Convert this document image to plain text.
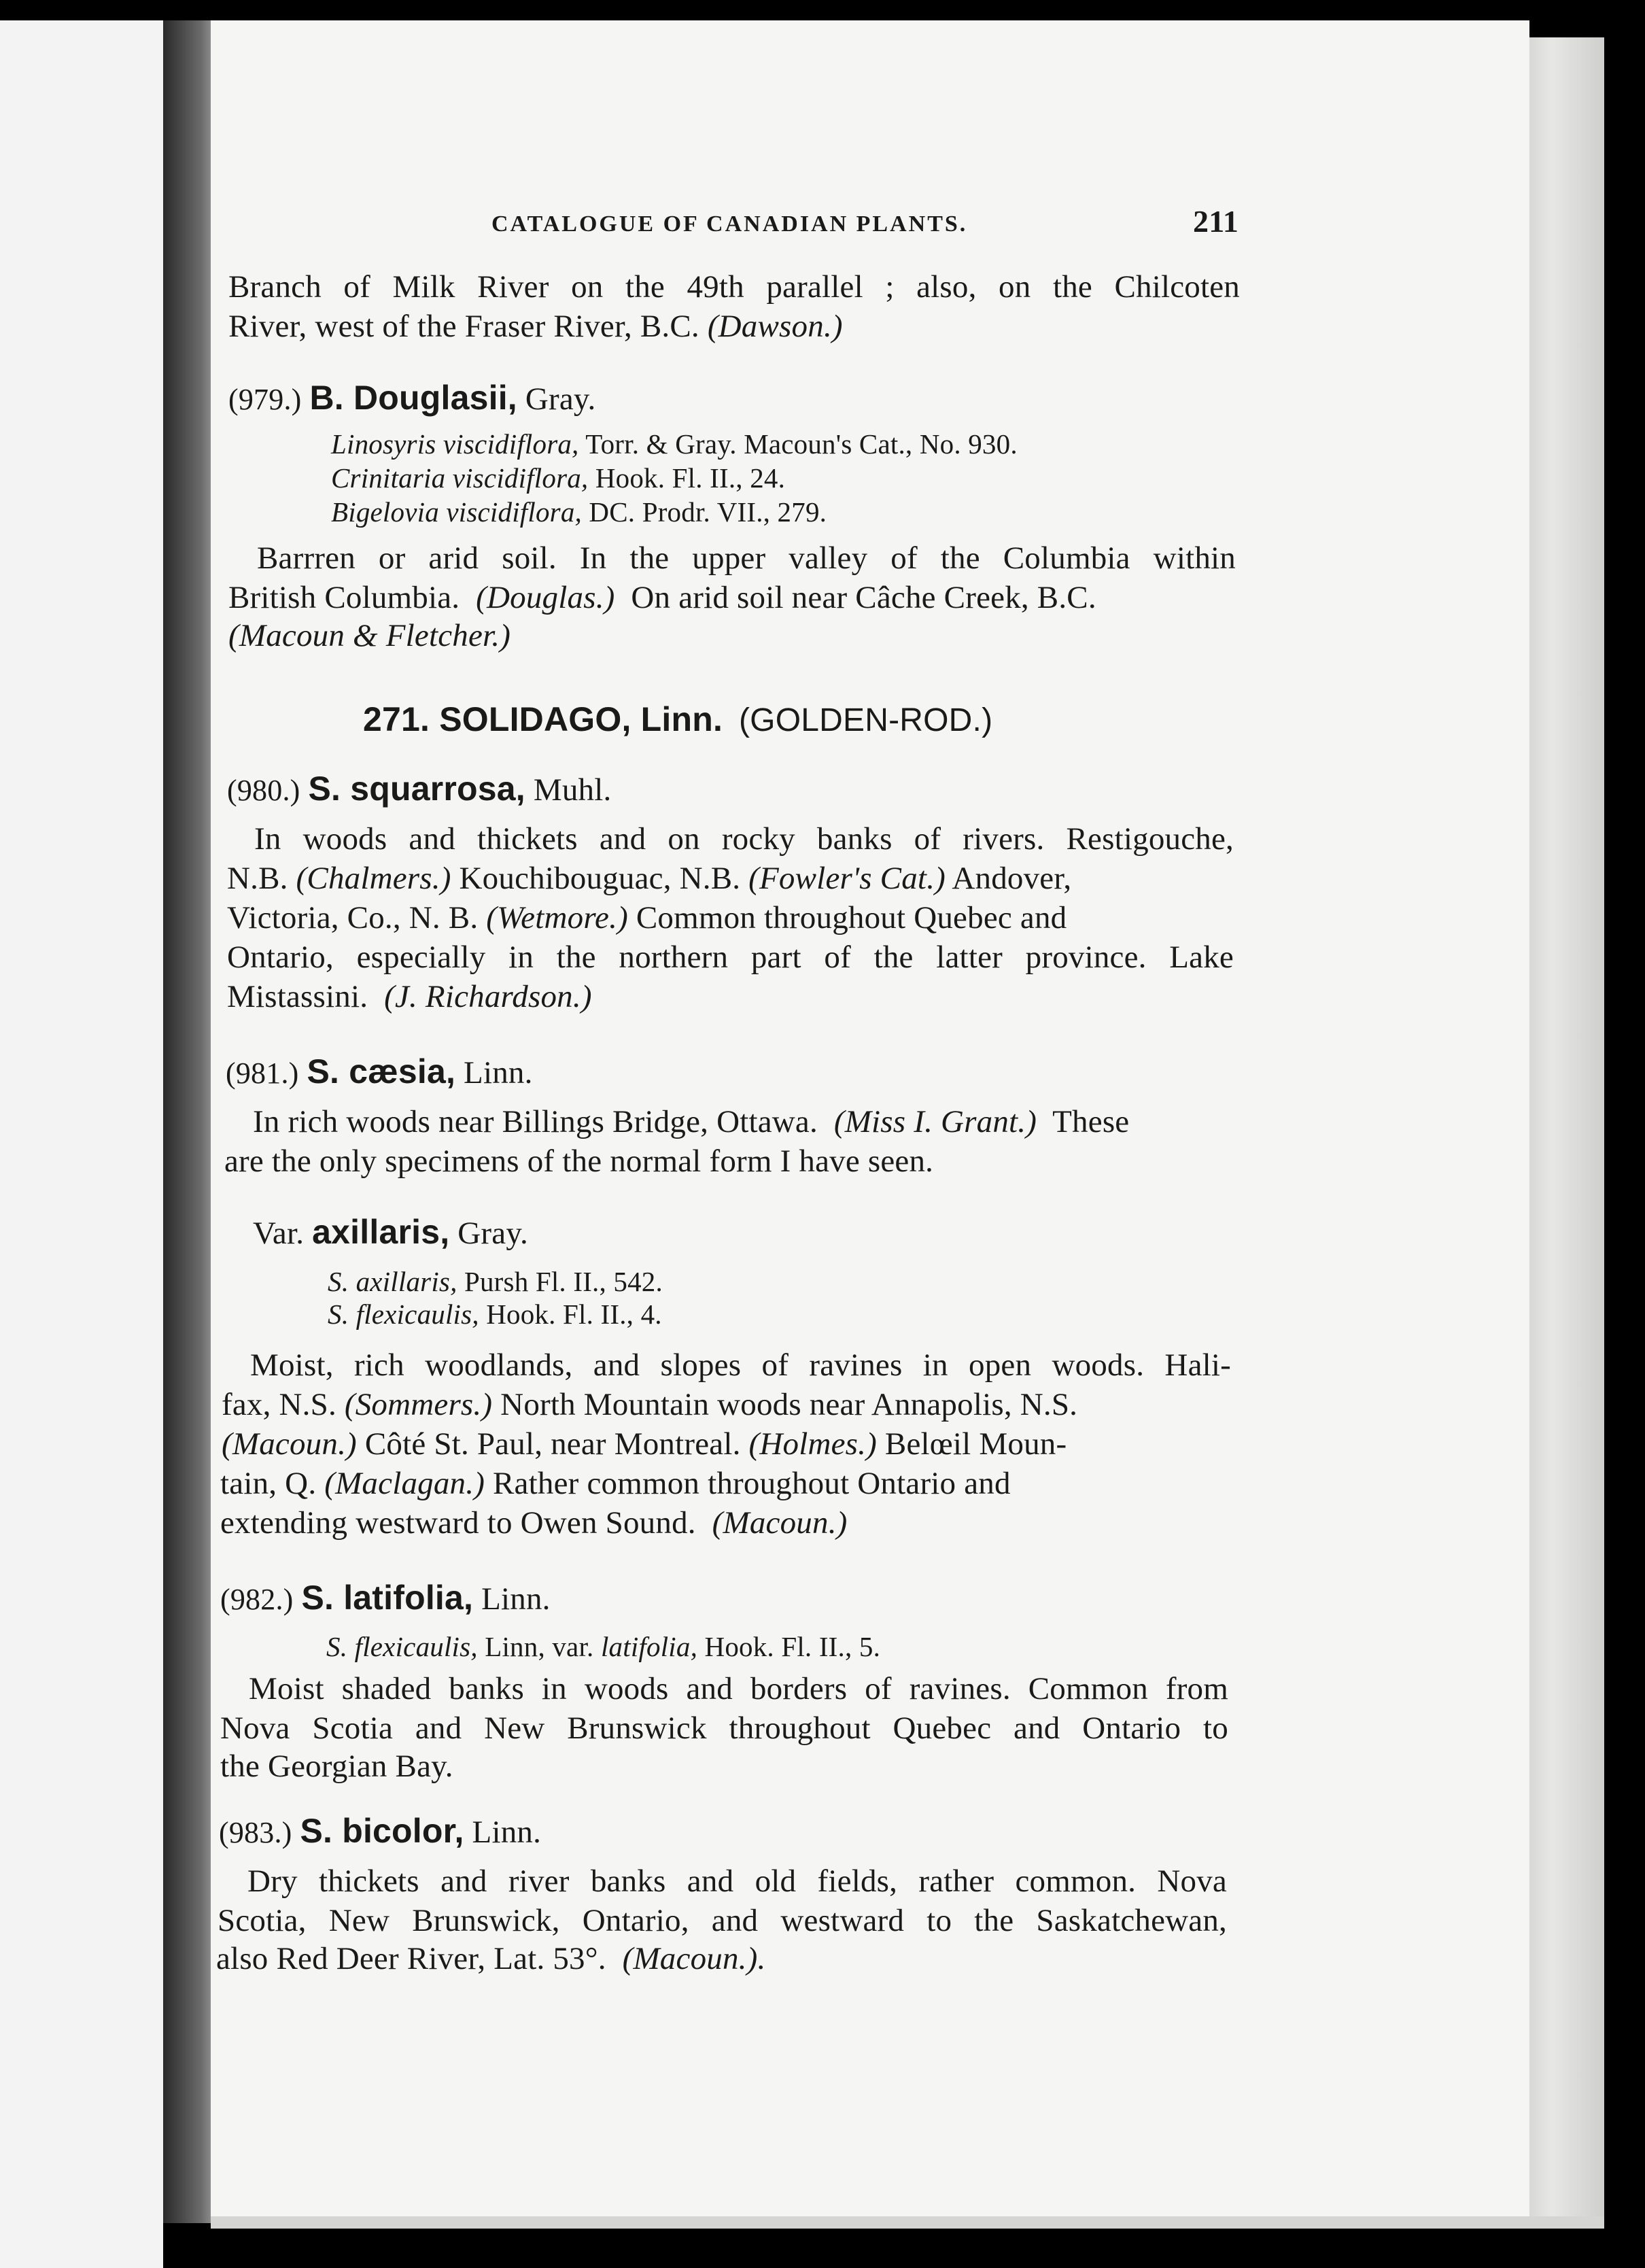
CATALOGUE OF CANADIAN PLANTS.	211
Branch of Milk River on the 49th parallel ; also, on the Chilcoten
River, west of the Fraser River, B.C. (Dawson.)
(979.) B. Douglasii, Gray.
Linosyris viscidiflora, Torr. & Gray. Macoun's Cat., No. 930.
Crinitaria viscidiflora, Hook. Fl. II., 24.
Bigelovia viscidiflora, DC. Prodr. VII., 279.
Barrren or arid soil. In the upper valley of the Columbia within
British Columbia.  (Douglas.)  On arid soil near Câche Creek, B.C.
(Macoun & Fletcher.)
271. SOLIDAGO, Linn. (GOLDEN-ROD.)
(980.) S. squarrosa, Muhl.
In woods and thickets and on rocky banks of rivers. Restigouche,
N.B. (Chalmers.) Kouchibouguac, N.B. (Fowler's Cat.) Andover,
Victoria, Co., N. B. (Wetmore.) Common throughout Quebec and
Ontario, especially in the northern part of the latter province. Lake
Mistassini.  (J. Richardson.)
(981.) S. cæsia, Linn.
In rich woods near Billings Bridge, Ottawa.  (Miss I. Grant.)  These
are the only specimens of the normal form I have seen.
Var. axillaris, Gray.
S. axillaris, Pursh Fl. II., 542.
S. flexicaulis, Hook. Fl. II., 4.
Moist, rich woodlands, and slopes of ravines in open woods. Hali-
fax, N.S. (Sommers.) North Mountain woods near Annapolis, N.S.
(Macoun.) Côté St. Paul, near Montreal. (Holmes.) Belœil Moun-
tain, Q. (Maclagan.) Rather common throughout Ontario and
extending westward to Owen Sound.  (Macoun.)
(982.) S. latifolia, Linn.
S. flexicaulis, Linn, var. latifolia, Hook. Fl. II., 5.
Moist shaded banks in woods and borders of ravines. Common from
Nova Scotia and New Brunswick throughout Quebec and Ontario to
the Georgian Bay.
(983.) S. bicolor, Linn.
Dry thickets and river banks and old fields, rather common. Nova
Scotia, New Brunswick, Ontario, and westward to the Saskatchewan,
also Red Deer River, Lat. 53°.  (Macoun.).
